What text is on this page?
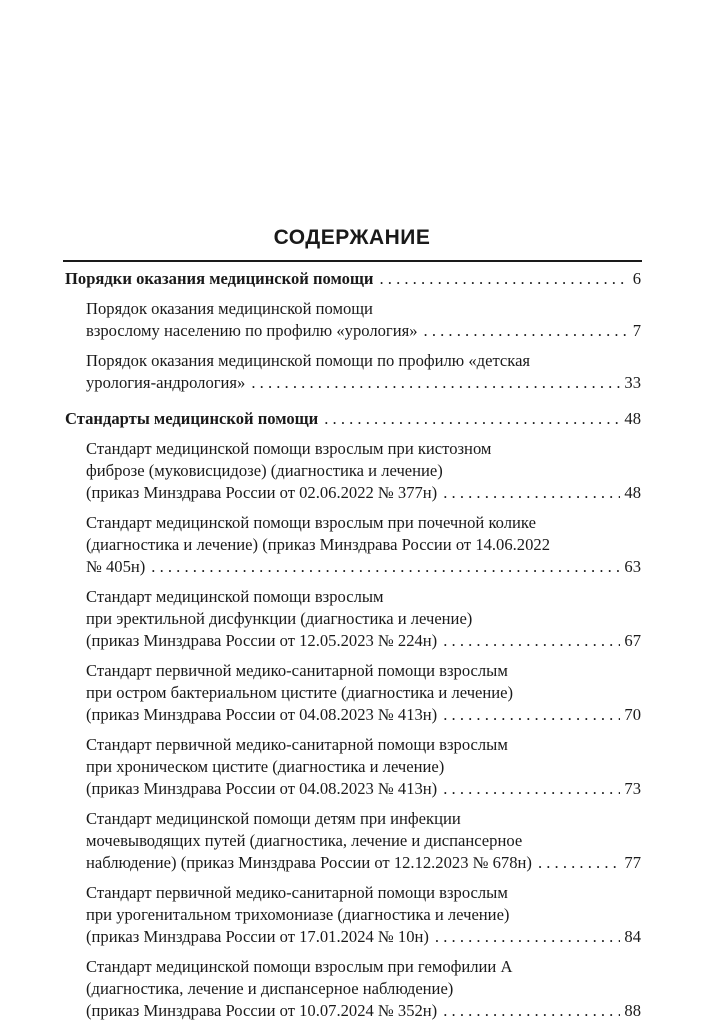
СОДЕРЖАНИЕ
Порядки оказания медицинской помощи . . .	6
Порядок оказания медицинской помощи
взрослому населению по профилю «урология» . . .	7
Порядок оказания медицинской помощи по профилю «детская
урология-андрология» . . .	33
Стандарты медицинской помощи . . .	48
Стандарт медицинской помощи взрослым при кистозном
фиброзе (муковисцидозе) (диагностика и лечение)
(приказ Минздрава России от 02.06.2022 № 377н) . . .	48
Стандарт медицинской помощи взрослым при почечной колике
(диагностика и лечение) (приказ Минздрава России от 14.06.2022
№ 405н) . . .	63
Стандарт медицинской помощи взрослым
при эректильной дисфункции (диагностика и лечение)
(приказ Минздрава России от 12.05.2023 № 224н) . . .	67
Стандарт первичной медико-санитарной помощи взрослым
при остром бактериальном цистите (диагностика и лечение)
(приказ Минздрава России от 04.08.2023 № 413н) . . .	70
Стандарт первичной медико-санитарной помощи взрослым
при хроническом цистите (диагностика и лечение)
(приказ Минздрава России от 04.08.2023 № 413н) . . .	73
Стандарт медицинской помощи детям при инфекции
мочевыводящих путей (диагностика, лечение и диспансерное
наблюдение) (приказ Минздрава России от 12.12.2023 № 678н) . . .	77
Стандарт первичной медико-санитарной помощи взрослым
при урогенитальном трихомониазе (диагностика и лечение)
(приказ Минздрава России от 17.01.2024 № 10н) . . .	84
Стандарт медицинской помощи взрослым при гемофилии А
(диагностика, лечение и диспансерное наблюдение)
(приказ Минздрава России от 10.07.2024 № 352н) . . .	88
